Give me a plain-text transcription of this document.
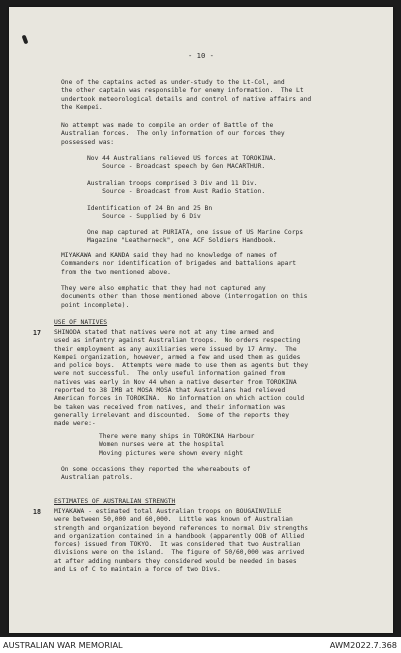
- 10 -
One of the captains acted as under-study to the Lt-Col, and
the other captain was responsible for enemy information.  The Lt
undertook meteorological details and control of native affairs and
the Kempei.
No attempt was made to compile an order of Battle of the
Australian forces.  The only information of our forces they
possessed was:
Nov 44 Australians relieved US forces at TOROKINA.
Source - Broadcast speech by Gen MACARTHUR.
Australian troops comprised 3 Div and 11 Div.
Source - Broadcast from Aust Radio Station.
Identification of 24 Bn and 25 Bn
Source - Supplied by 6 Div
One map captured at PURIATA, one issue of US Marine Corps
Magazine "Leatherneck", one ACF Soldiers Handbook.
MIYAKAWA and KANDA said they had no knowledge of names of
Commanders nor identification of brigades and battalions apart
from the two mentioned above.
They were also emphatic that they had not captured any
documents other than those mentioned above (interrogation on this
point incomplete).
USE OF NATIVES
17 SHINODA stated that natives were not at any time armed and
used as infantry against Australian troops.  No orders respecting
their employment as any auxiliaries were issued by 17 Army.  The
Kempei organization, however, armed a few and used them as guides
and police boys.  Attempts were made to use them as agents but they
were not successful.  The only useful information gained from
natives was early in Nov 44 when a native deserter from TOROKINA
reported to 38 IMB at MOSA MOSA that Australians had relieved
American forces in TOROKINA.  No information on which action could
be taken was received from natives, and their information was
generally irrelevant and discounted.  Some of the reports they
made were:-
There were many ships in TOROKINA Harbour
Women nurses were at the hospital
Moving pictures were shown every night
On some occasions they reported the whereabouts of
Australian patrols.
ESTIMATES OF AUSTRALIAN STRENGTH
18 MIYAKAWA - estimated total Australian troops on BOUGAINVILLE
were between 50,000 and 60,000.  Little was known of Australian
strength and organization beyond references to normal Div strengths
and organization contained in a handbook (apparently OOB of Allied
forces) issued from TOKYO.  It was considered that two Australian
divisions were on the island.  The figure of 50/60,000 was arrived
at after adding numbers they considered would be needed in bases
and Ls of C to maintain a force of two Divs.
AUSTRALIAN WAR MEMORIAL	AWM2022.7.368
